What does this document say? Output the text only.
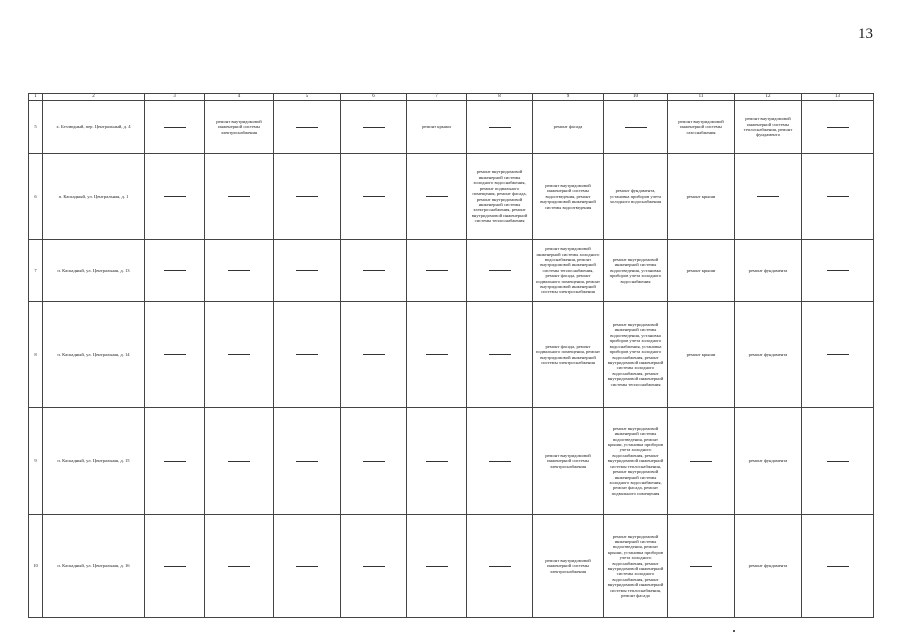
13
1	2	3	4	5	6	7	8	9	10	11	12	13
5	х. Безлюдный, пер. Центральный, д. 4		ремонт внутридомовой инженерной системы электроснабжения			ремонт крыши		ремонт фасада		ремонт внутридомовой инженерной системы газоснабжения	ремонт внутридомовой инженерной системы теплоснабжения, ремонт фундамента	
6	п. Каскадный, ул. Центральная, д. 1						ремонт внутридомовой инженерной системы холодного водоснабжения, ремонт подвального помещения, ремонт фасада, ремонт внутридомовой инженерной системы электроснабжения, ремонт внутридомовой инженерной системы теплоснабжения	ремонт внутридомовой инженерной системы водоотведения, ремонт внутридомовой инженерной системы водоотведения	ремонт фундамента, установка приборов учета холодного водоснабжения	ремонт крыши		
7	п. Каскадный, ул. Центральная, д. 13							ремонт внутридомовой инженерной системы холодного водоснабжения, ремонт внутридомовой инженерной системы теплоснабжения, ремонт фасада, ремонт подвального помещения, ремонт внутридомовой инженерной системы электроснабжения	ремонт внутридомовой инженерной системы водоотведения, установка приборов учета холодного водоснабжения	ремонт крыши	ремонт фундамента	
8	п. Каскадный, ул. Центральная, д. 14							ремонт фасада, ремонт подвального помещения, ремонт внутридомовой инженерной системы электроснабжения	ремонт внутридомовой инженерной системы водоотведения, установка приборов учета холодного водоснабжения, установка приборов учета холодного водоснабжения, ремонт внутридомовой инженерной системы холодного водоснабжения, ремонт внутридомовой инженерной системы теплоснабжения	ремонт крыши	ремонт фундамента	
9	п. Каскадный, ул. Центральная, д. 15							ремонт внутридомовой инженерной системы электроснабжения	ремонт внутридомовой инженерной системы водоотведения, ремонт крыши, установка приборов учета холодного водоснабжения, ремонт внутридомовой инженерной системы теплоснабжения, ремонт внутридомовой инженерной системы холодного водоснабжения, ремонт фасада, ремонт подвального помещения		ремонт фундамента	
10	п. Каскадный, ул. Центральная, д. 16							ремонт внутридомовой инженерной системы электроснабжения	ремонт внутридомовой инженерной системы водоотведения, ремонт крыши, установка приборов учета холодного водоснабжения, ремонт внутридомовой инженерной системы холодного водоснабжения, ремонт внутридомовой инженерной системы теплоснабжения, ремонт фасада		ремонт фундамента	
